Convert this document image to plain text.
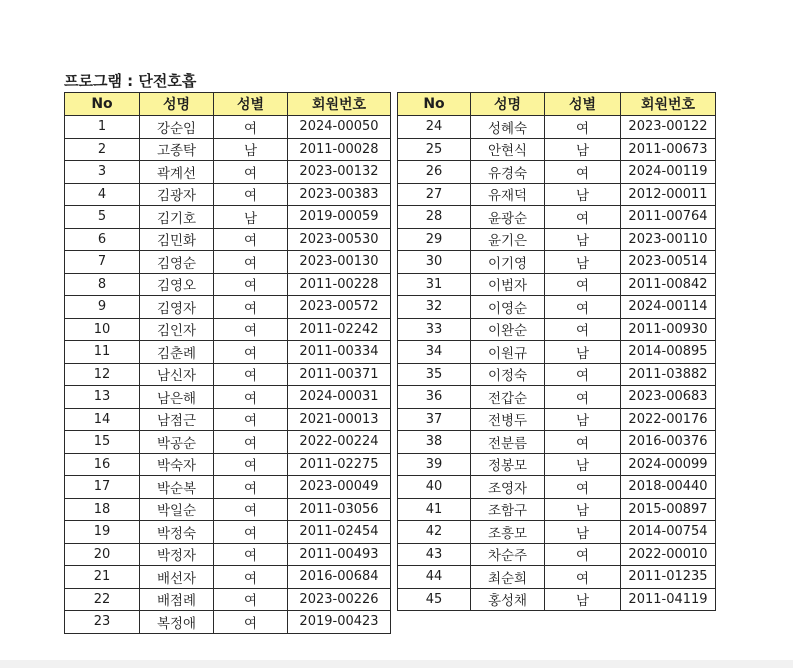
프로그램 : 단전호흡
No	성명	성별	회원번호
1	강순임	여	2024-00050
2	고종탁	남	2011-00028
3	곽계선	여	2023-00132
4	김광자	여	2023-00383
5	김기호	남	2019-00059
6	김민화	여	2023-00530
7	김영순	여	2023-00130
8	김영오	여	2011-00228
9	김영자	여	2023-00572
10	김인자	여	2011-02242
11	김춘례	여	2011-00334
12	남신자	여	2011-00371
13	남은해	여	2024-00031
14	남점근	여	2021-00013
15	박공순	여	2022-00224
16	박숙자	여	2011-02275
17	박순복	여	2023-00049
18	박일순	여	2011-03056
19	박정숙	여	2011-02454
20	박정자	여	2011-00493
21	배선자	여	2016-00684
22	배점례	여	2023-00226
23	복정애	여	2019-00423
No	성명	성별	회원번호
24	성혜숙	여	2023-00122
25	안현식	남	2011-00673
26	유경숙	여	2024-00119
27	유재덕	남	2012-00011
28	윤광순	여	2011-00764
29	윤기은	남	2023-00110
30	이기영	남	2023-00514
31	이범자	여	2011-00842
32	이영순	여	2024-00114
33	이완순	여	2011-00930
34	이원규	남	2014-00895
35	이정숙	여	2011-03882
36	전갑순	여	2023-00683
37	전병두	남	2022-00176
38	전분름	여	2016-00376
39	정봉모	남	2024-00099
40	조영자	여	2018-00440
41	조함구	남	2015-00897
42	조흥모	남	2014-00754
43	차순주	여	2022-00010
44	최순희	여	2011-01235
45	홍성채	남	2011-04119
